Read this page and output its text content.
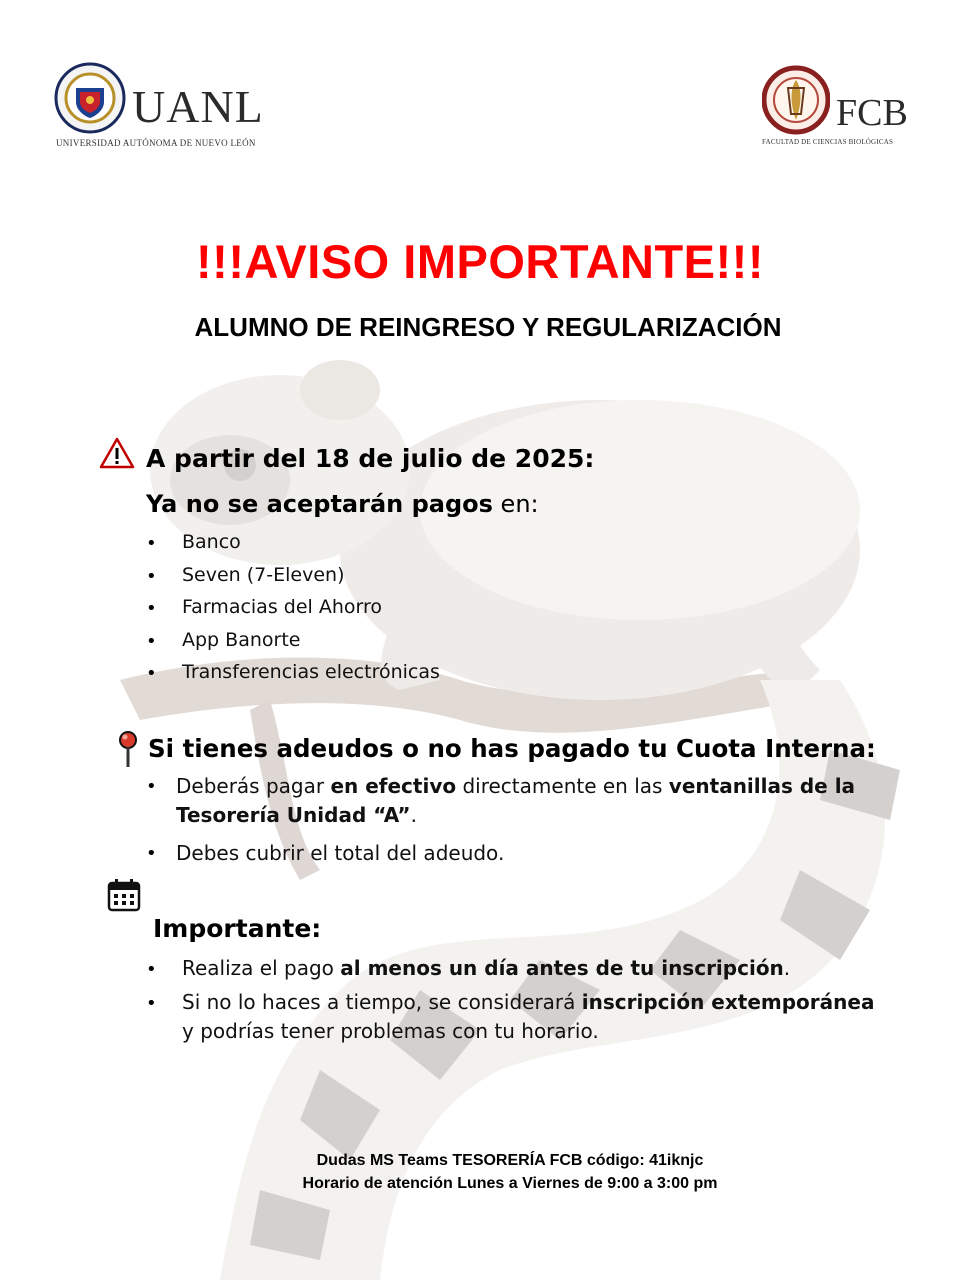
UANL
UNIVERSIDAD AUTÓNOMA DE NUEVO LEÓN
FCB
FACULTAD DE CIENCIAS BIOLÓGICAS
!!!AVISO IMPORTANTE!!!
ALUMNO DE REINGRESO Y REGULARIZACIÓN
A partir del 18 de julio de 2025:
Ya no se aceptarán pagos en:
• Banco
• Seven (7-Eleven)
• Farmacias del Ahorro
• App Banorte
• Transferencias electrónicas
Si tienes adeudos o no has pagado tu Cuota Interna:
• Deberás pagar en efectivo directamente en las ventanillas de la
Tesorería Unidad “A”.
• Debes cubrir el total del adeudo.
Importante:
• Realiza el pago al menos un día antes de tu inscripción.
• Si no lo haces a tiempo, se considerará inscripción extemporánea
y podrías tener problemas con tu horario.
Dudas MS Teams TESORERÍA FCB código: 41iknjc
Horario de atención Lunes a Viernes de 9:00 a 3:00 pm
